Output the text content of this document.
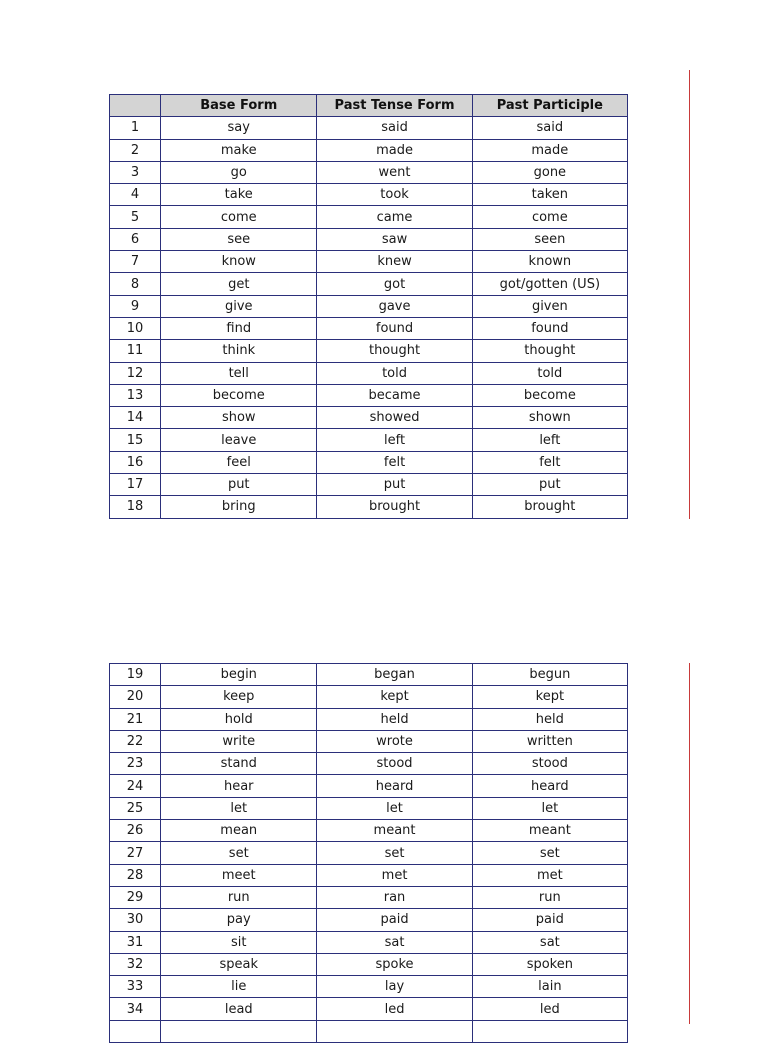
	Base Form	Past Tense Form	Past Participle
1	say	said	said
2	make	made	made
3	go	went	gone
4	take	took	taken
5	come	came	come
6	see	saw	seen
7	know	knew	known
8	get	got	got/gotten (US)
9	give	gave	given
10	find	found	found
11	think	thought	thought
12	tell	told	told
13	become	became	become
14	show	showed	shown
15	leave	left	left
16	feel	felt	felt
17	put	put	put
18	bring	brought	brought
19	begin	began	begun
20	keep	kept	kept
21	hold	held	held
22	write	wrote	written
23	stand	stood	stood
24	hear	heard	heard
25	let	let	let
26	mean	meant	meant
27	set	set	set
28	meet	met	met
29	run	ran	run
30	pay	paid	paid
31	sit	sat	sat
32	speak	spoke	spoken
33	lie	lay	lain
34	lead	led	led
